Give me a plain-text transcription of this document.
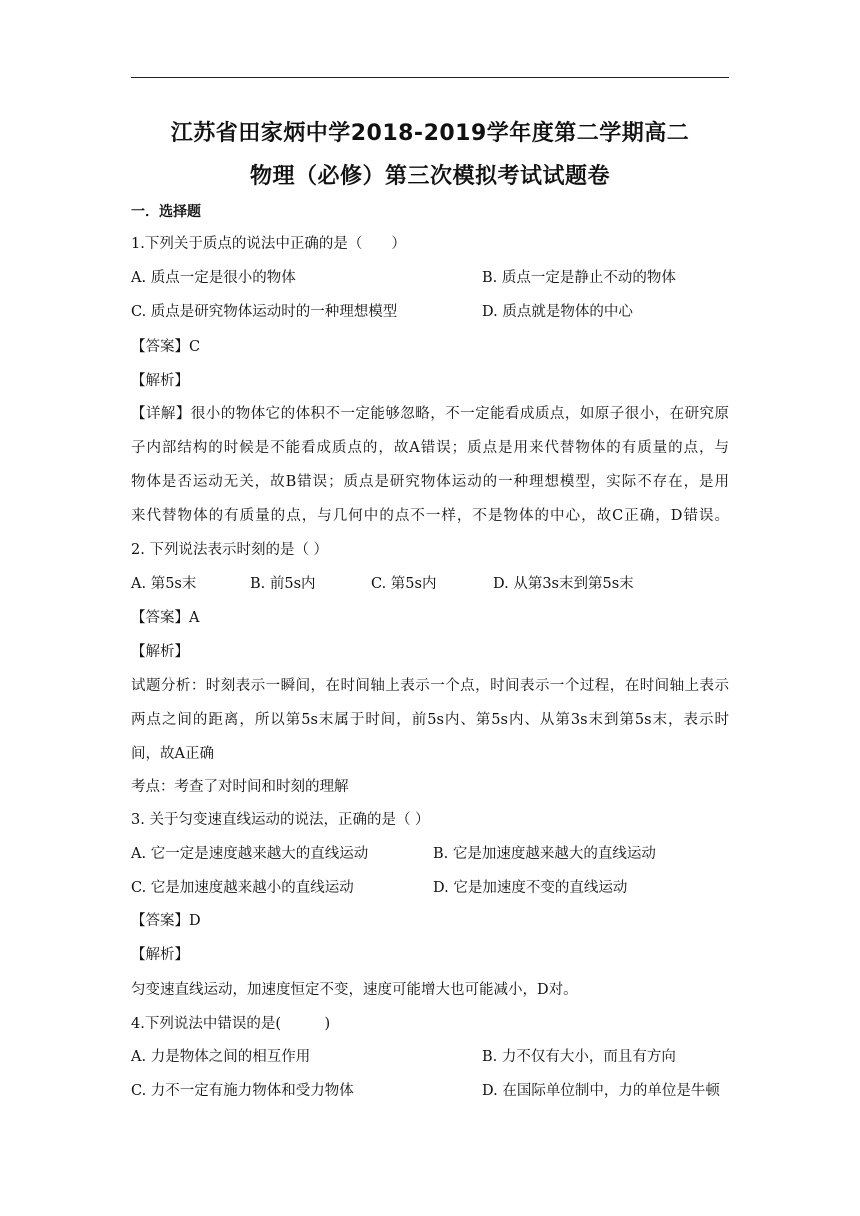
江苏省田家炳中学2018-2019学年度第二学期高二
物理（必修）第三次模拟考试试题卷
一．选择题
1.下列关于质点的说法中正确的是（　　）
A. 质点一定是很小的物体	B. 质点一定是静止不动的物体
C. 质点是研究物体运动时的一种理想模型	D. 质点就是物体的中心
【答案】C
【解析】
【详解】很小的物体它的体积不一定能够忽略，不一定能看成质点，如原子很小，在研究原
子内部结构的时候是不能看成质点的，故A错误；质点是用来代替物体的有质量的点，与
物体是否运动无关，故B错误；质点是研究物体运动的一种理想模型，实际不存在，是用
来代替物体的有质量的点，与几何中的点不一样，不是物体的中心，故C正确，D错误。
2. 下列说法表示时刻的是（ ）
A. 第5s末	B. 前5s内	C. 第5s内	D. 从第3s末到第5s末
【答案】A
【解析】
试题分析：时刻表示一瞬间，在时间轴上表示一个点，时间表示一个过程，在时间轴上表示
两点之间的距离，所以第5s末属于时间，前5s内、第5s内、从第3s末到第5s末，表示时
间，故A正确
考点：考查了对时间和时刻的理解
3. 关于匀变速直线运动的说法，正确的是（ ）
A. 它一定是速度越来越大的直线运动	B. 它是加速度越来越大的直线运动
C. 它是加速度越来越小的直线运动	D. 它是加速度不变的直线运动
【答案】D
【解析】
匀变速直线运动，加速度恒定不变，速度可能增大也可能减小，D对。
4.下列说法中错误的是(　　　)
A. 力是物体之间的相互作用	B. 力不仅有大小，而且有方向
C. 力不一定有施力物体和受力物体	D. 在国际单位制中，力的单位是牛顿
